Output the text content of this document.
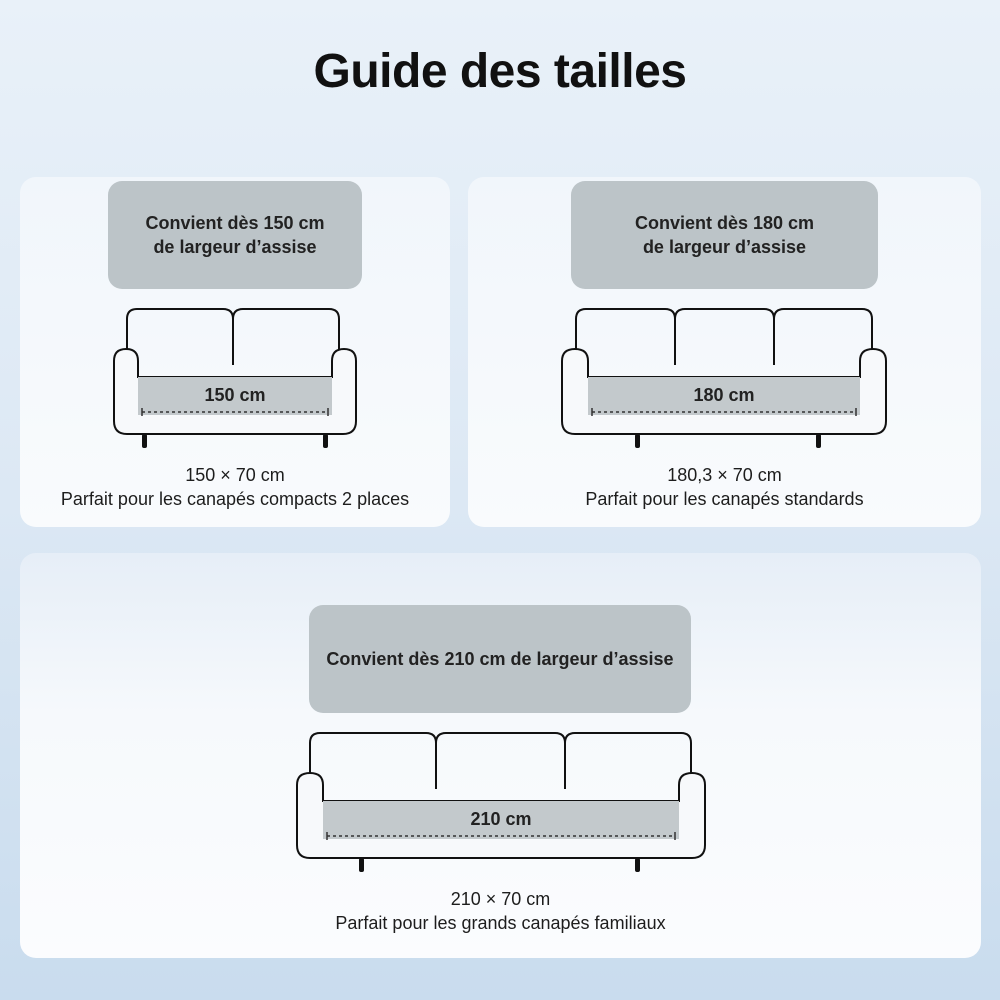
Guide des tailles
Convient dès 150 cm
de largeur d’assise
150 cm
150 × 70 cm
Parfait pour les canapés compacts 2 places
Convient dès 180 cm
de largeur d’assise
180 cm
180,3 × 70 cm
Parfait pour les canapés standards
Convient dès 210 cm de largeur d’assise
210 cm
210 × 70 cm
Parfait pour les grands canapés familiaux
